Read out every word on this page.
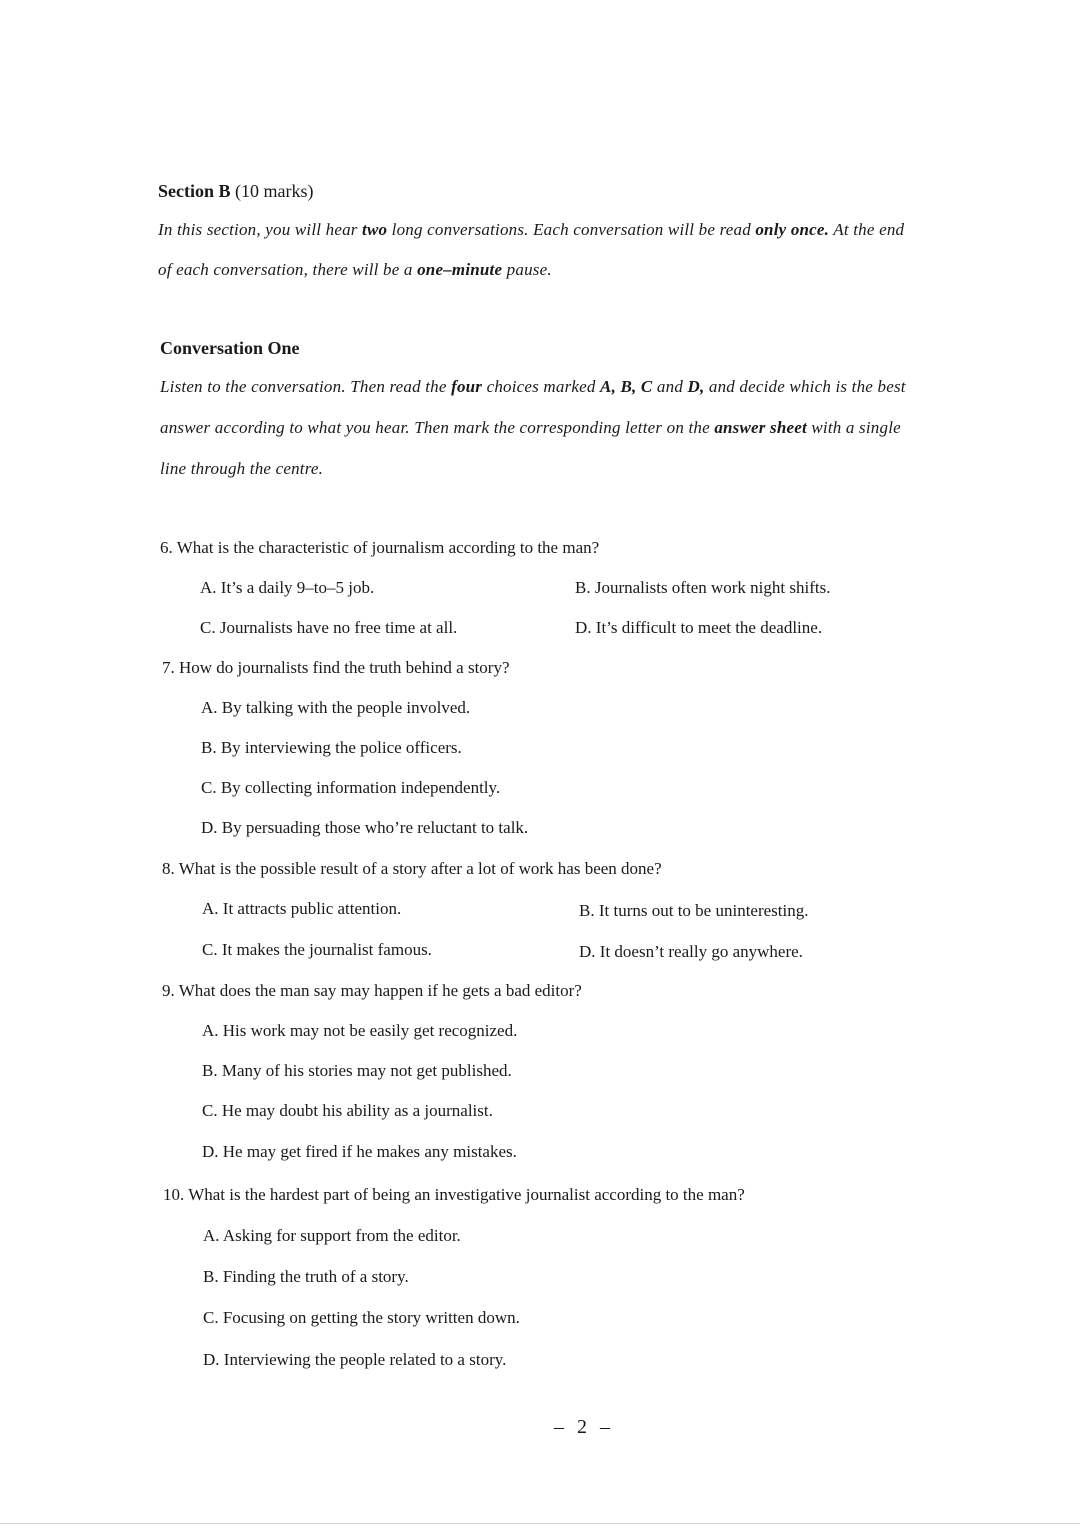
Section B (10 marks)
In this section, you will hear two long conversations. Each conversation will be read only once. At the end
of each conversation, there will be a one–minute pause.
Conversation One
Listen to the conversation. Then read the four choices marked A, B, C and D, and decide which is the best
answer according to what you hear. Then mark the corresponding letter on the answer sheet with a single
line through the centre.
6. What is the characteristic of journalism according to the man?
A. It’s a daily 9–to–5 job.	B. Journalists often work night shifts.
C. Journalists have no free time at all.	D. It’s difficult to meet the deadline.
7. How do journalists find the truth behind a story?
A. By talking with the people involved.
B. By interviewing the police officers.
C. By collecting information independently.
D. By persuading those who’re reluctant to talk.
8. What is the possible result of a story after a lot of work has been done?
A. It attracts public attention.	B. It turns out to be uninteresting.
C. It makes the journalist famous.	D. It doesn’t really go anywhere.
9. What does the man say may happen if he gets a bad editor?
A. His work may not be easily get recognized.
B. Many of his stories may not get published.
C. He may doubt his ability as a journalist.
D. He may get fired if he makes any mistakes.
10. What is the hardest part of being an investigative journalist according to the man?
A. Asking for support from the editor.
B. Finding the truth of a story.
C. Focusing on getting the story written down.
D. Interviewing the people related to a story.
– 2 –
